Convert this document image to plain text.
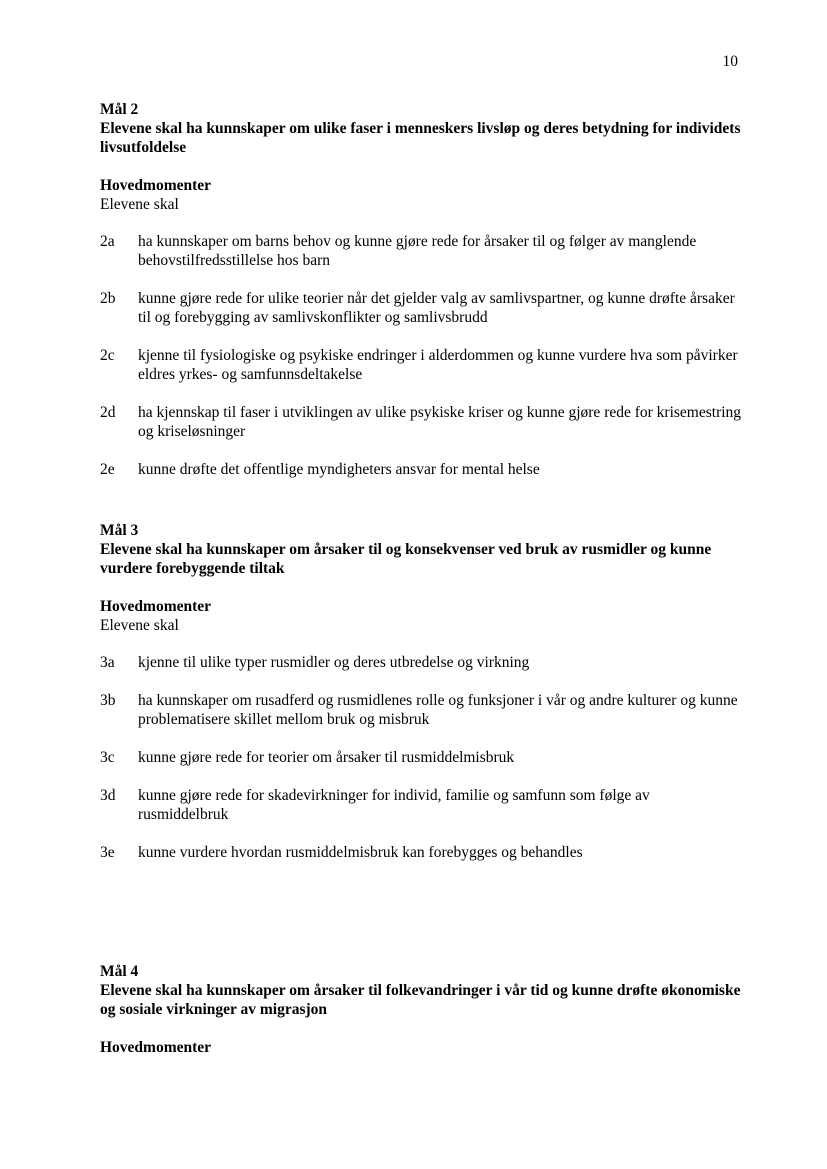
10
Mål 2
Elevene skal ha kunnskaper om ulike faser i menneskers livsløp og deres betydning for individets livsutfoldelse
Hovedmomenter
Elevene skal
2a	ha kunnskaper om barns behov og kunne gjøre rede for årsaker til og følger av manglende behovstilfredsstillelse hos barn
2b	kunne gjøre rede for ulike teorier når det gjelder valg av samlivspartner, og kunne drøfte årsaker til og forebygging av samlivskonflikter og samlivsbrudd
2c	kjenne til fysiologiske og psykiske endringer i alderdommen og kunne vurdere hva som påvirker eldres yrkes- og samfunnsdeltakelse
2d	ha kjennskap til faser i utviklingen av ulike psykiske kriser og kunne gjøre rede for krisemestring og kriseløsninger
2e	kunne drøfte det offentlige myndigheters ansvar for mental helse
Mål 3
Elevene skal ha kunnskaper om årsaker til og konsekvenser ved bruk av rusmidler og kunne vurdere forebyggende tiltak
Hovedmomenter
Elevene skal
3a	kjenne til ulike typer rusmidler og deres utbredelse og virkning
3b	ha kunnskaper om rusadferd og rusmidlenes rolle og funksjoner i vår og andre kulturer og kunne problematisere skillet mellom bruk og misbruk
3c	kunne gjøre rede for teorier om årsaker til rusmiddelmisbruk
3d	kunne gjøre rede for skadevirkninger for individ, familie og samfunn som følge av rusmiddelbruk
3e	kunne vurdere hvordan rusmiddelmisbruk kan forebygges og behandles
Mål 4
Elevene skal ha kunnskaper om årsaker til folkevandringer i vår tid og kunne drøfte økonomiske og sosiale virkninger av migrasjon
Hovedmomenter
